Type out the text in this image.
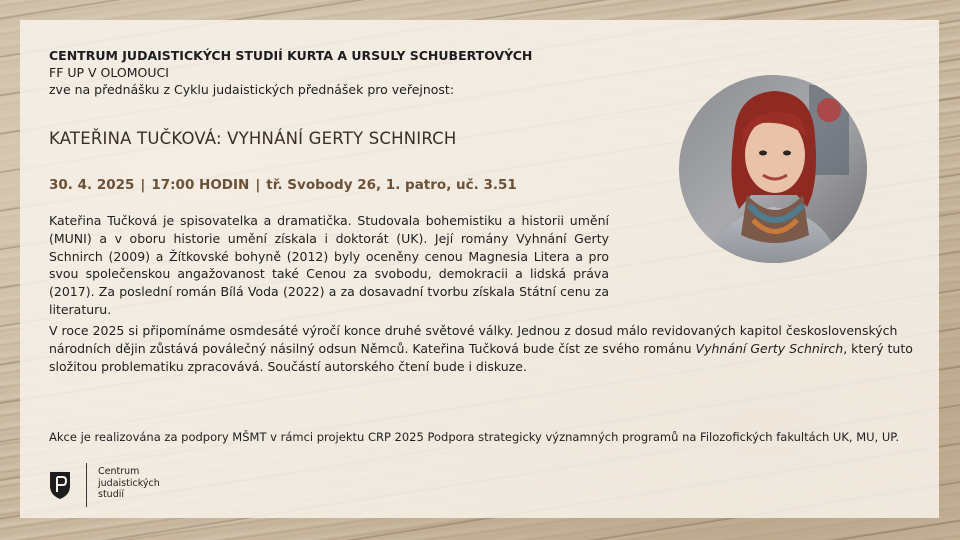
CENTRUM JUDAISTICKÝCH STUDIÍ KURTA A URSULY SCHUBERTOVÝCH
FF UP V OLOMOUCI
zve na přednášku z Cyklu judaistických přednášek pro veřejnost:
KATEŘINA TUČKOVÁ: VYHNÁNÍ GERTY SCHNIRCH
30. 4. 2025 | 17:00 HODIN | tř. Svobody 26, 1. patro, uč. 3.51
Kateřina Tučková je spisovatelka a dramatička. Studovala bohemistiku a historii umění (MUNI) a v oboru historie umění získala i doktorát (UK). Její romány Vyhnání Gerty Schnirch (2009) a Žítkovské bohyně (2012) byly oceněny cenou Magnesia Litera a pro svou společenskou angažovanost také Cenou za svobodu, demokracii a lidská práva (2017). Za poslední román Bílá Voda (2022) a za dosavadní tvorbu získala Státní cenu za literaturu.
V roce 2025 si připomínáme osmdesáté výročí konce druhé světové války. Jednou z dosud málo revidovaných kapitol československých národních dějin zůstává poválečný násilný odsun Němců. Kateřina Tučková bude číst ze svého románu Vyhnání Gerty Schnirch, který tuto složitou problematiku zpracovává. Součástí autorského čtení bude i diskuze.
Akce je realizována za podpory MŠMT v rámci projektu CRP 2025 Podpora strategicky významných programů na Filozofických fakultách UK, MU, UP.
Centrum
judaistických
studií
